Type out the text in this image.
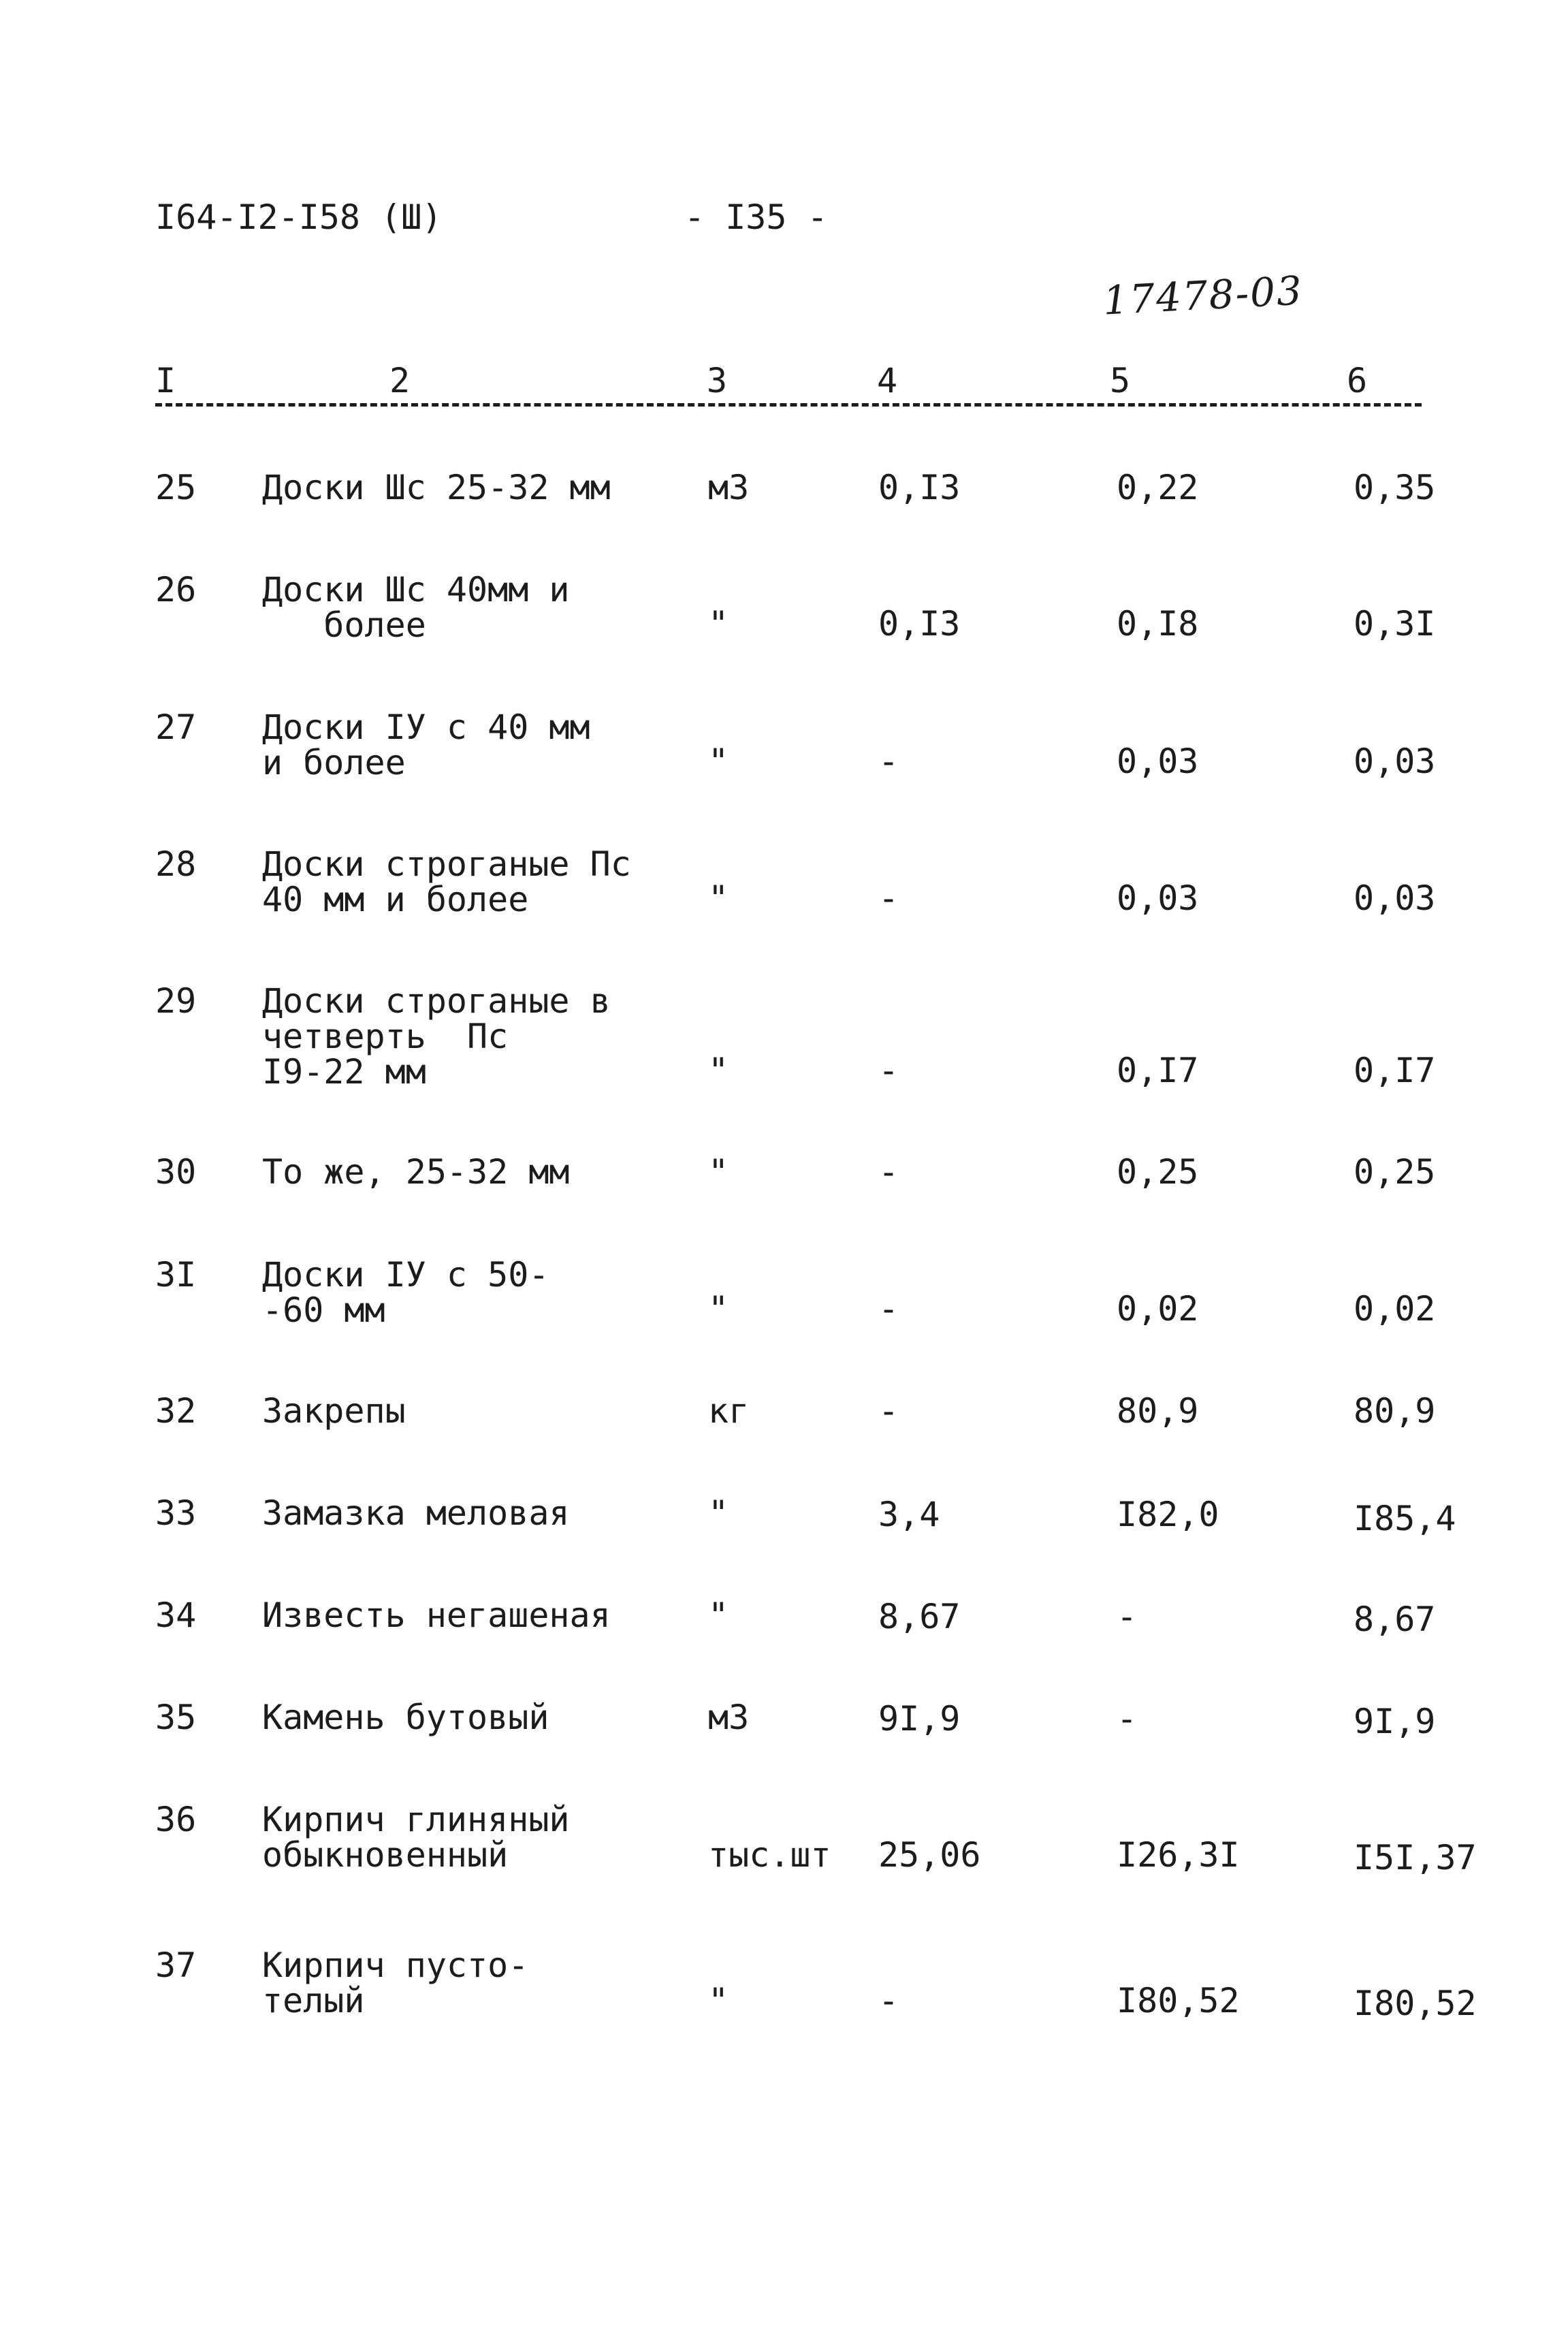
I64-I2-I58 (Ш)	- I35 -
17478-03
I	2	3	4	5	6
25 Доски Шс 25-32 мм	м3	0,I3	0,22	0,35
26 Доски Шс 40мм и
более	"	0,I3	0,I8	0,3I
27 Доски IУ с 40 мм
и более	"	-	0,03	0,03
28 Доски строганые Пс
40 мм и более	"	-	0,03	0,03
29 Доски строганые в
четверть  Пс
I9-22 мм	"	-	0,I7	0,I7
30 То же, 25-32 мм	"	-	0,25	0,25
3I Доски IУ с 50-
-60 мм	"	-	0,02	0,02
32 Закрепы	кг	-	80,9	80,9
33 Замазка меловая	"	3,4	I82,0	I85,4
34 Известь негашеная	"	8,67	-	8,67
35 Камень бутовый	м3	9I,9	-	9I,9
36 Кирпич глиняный
обыкновенный	тыс.шт 25,06	I26,3I	I5I,37
37 Кирпич пусто-
телый	"	-	I80,52	I80,52
